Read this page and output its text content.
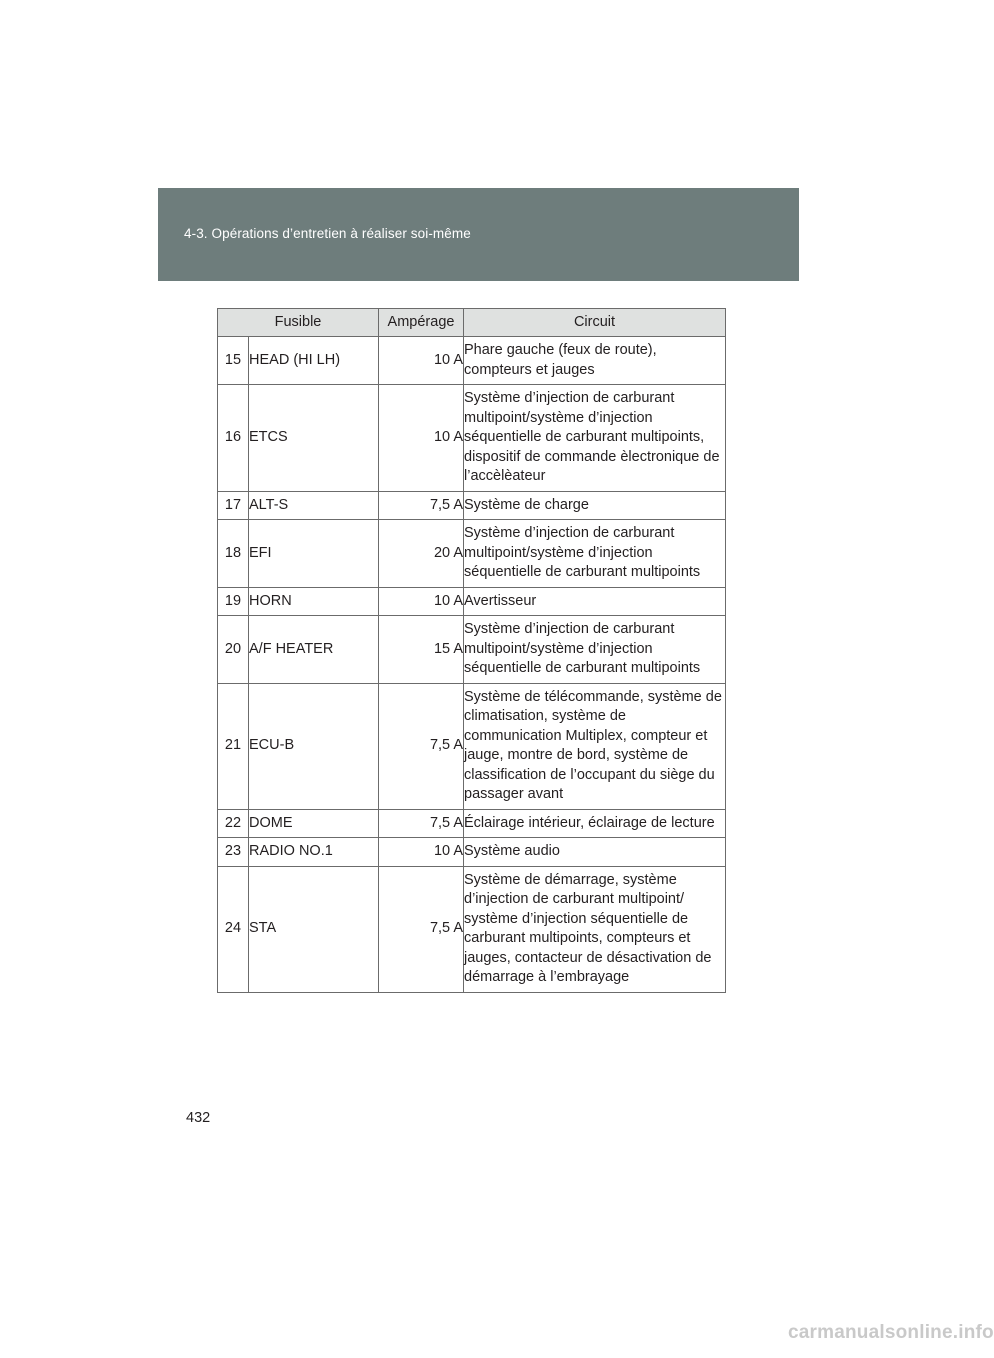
4-3. Opérations d’entretien à réaliser soi-même
Fusible		Ampérage	Circuit
15	HEAD (HI LH)	10 A	Phare gauche (feux de route), compteurs et jauges
16	ETCS	10 A	Système d’injection de carburant multipoint/système d’injection séquentielle de carburant multipoints, dispositif de commande èlectronique de l’accèlèateur
17	ALT-S	7,5 A	Système de charge
18	EFI	20 A	Système d’injection de carburant multipoint/système d’injection séquentielle de carburant multipoints
19	HORN	10 A	Avertisseur
20	A/F HEATER	15 A	Système d’injection de carburant multipoint/système d’injection séquentielle de carburant multipoints
21	ECU-B	7,5 A	Système de télécommande, système de climatisation, système de communication Multiplex, compteur et jauge, montre de bord, système de classification de l’occupant du siège du passager avant
22	DOME	7,5 A	Éclairage intérieur, éclairage de lecture
23	RADIO NO.1	10 A	Système audio
24	STA	7,5 A	Système de démarrage, système d’injection de carburant multipoint/ système d’injection séquentielle de carburant multipoints, compteurs et jauges, contacteur de désactivation de démarrage à l’embrayage
432
carmanualsonline.info
